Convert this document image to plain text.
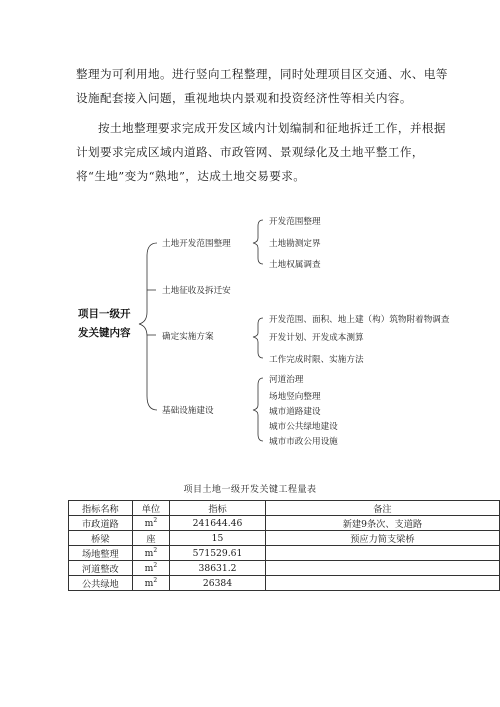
整理为可利用地。进行竖向工程整理，同时处理项目区交通、水、电等设施配套接入问题，重视地块内景观和投资经济性等相关内容。
按土地整理要求完成开发区域内计划编制和征地拆迁工作，并根据计划要求完成区域内道路、市政管网、景观绿化及土地平整工作，将“生地”变为“熟地”，达成土地交易要求。
项目一级开
发关键内容
土地开发范围整理
土地征收及拆迁安
确定实施方案
基础设施建设
开发范围整理
土地勘测定界
土地权属调查
开发范围、面积、地上建（构）筑物附着物调查
开发计划、开发成本测算
工作完成时限、实施方法
河道治理
场地竖向整理
城市道路建设
城市公共绿地建设
城市市政公用设施
项目土地一级开发关键工程量表
指标名称	单位	指标	备注
市政道路	$m^2$	241644.46	新建9条次、支道路
桥梁	座	15	预应力简支梁桥
场地整理	$m^2$	571529.61	
河道整改	$m^2$	38631.2	
公共绿地	$m^2$	26384	
